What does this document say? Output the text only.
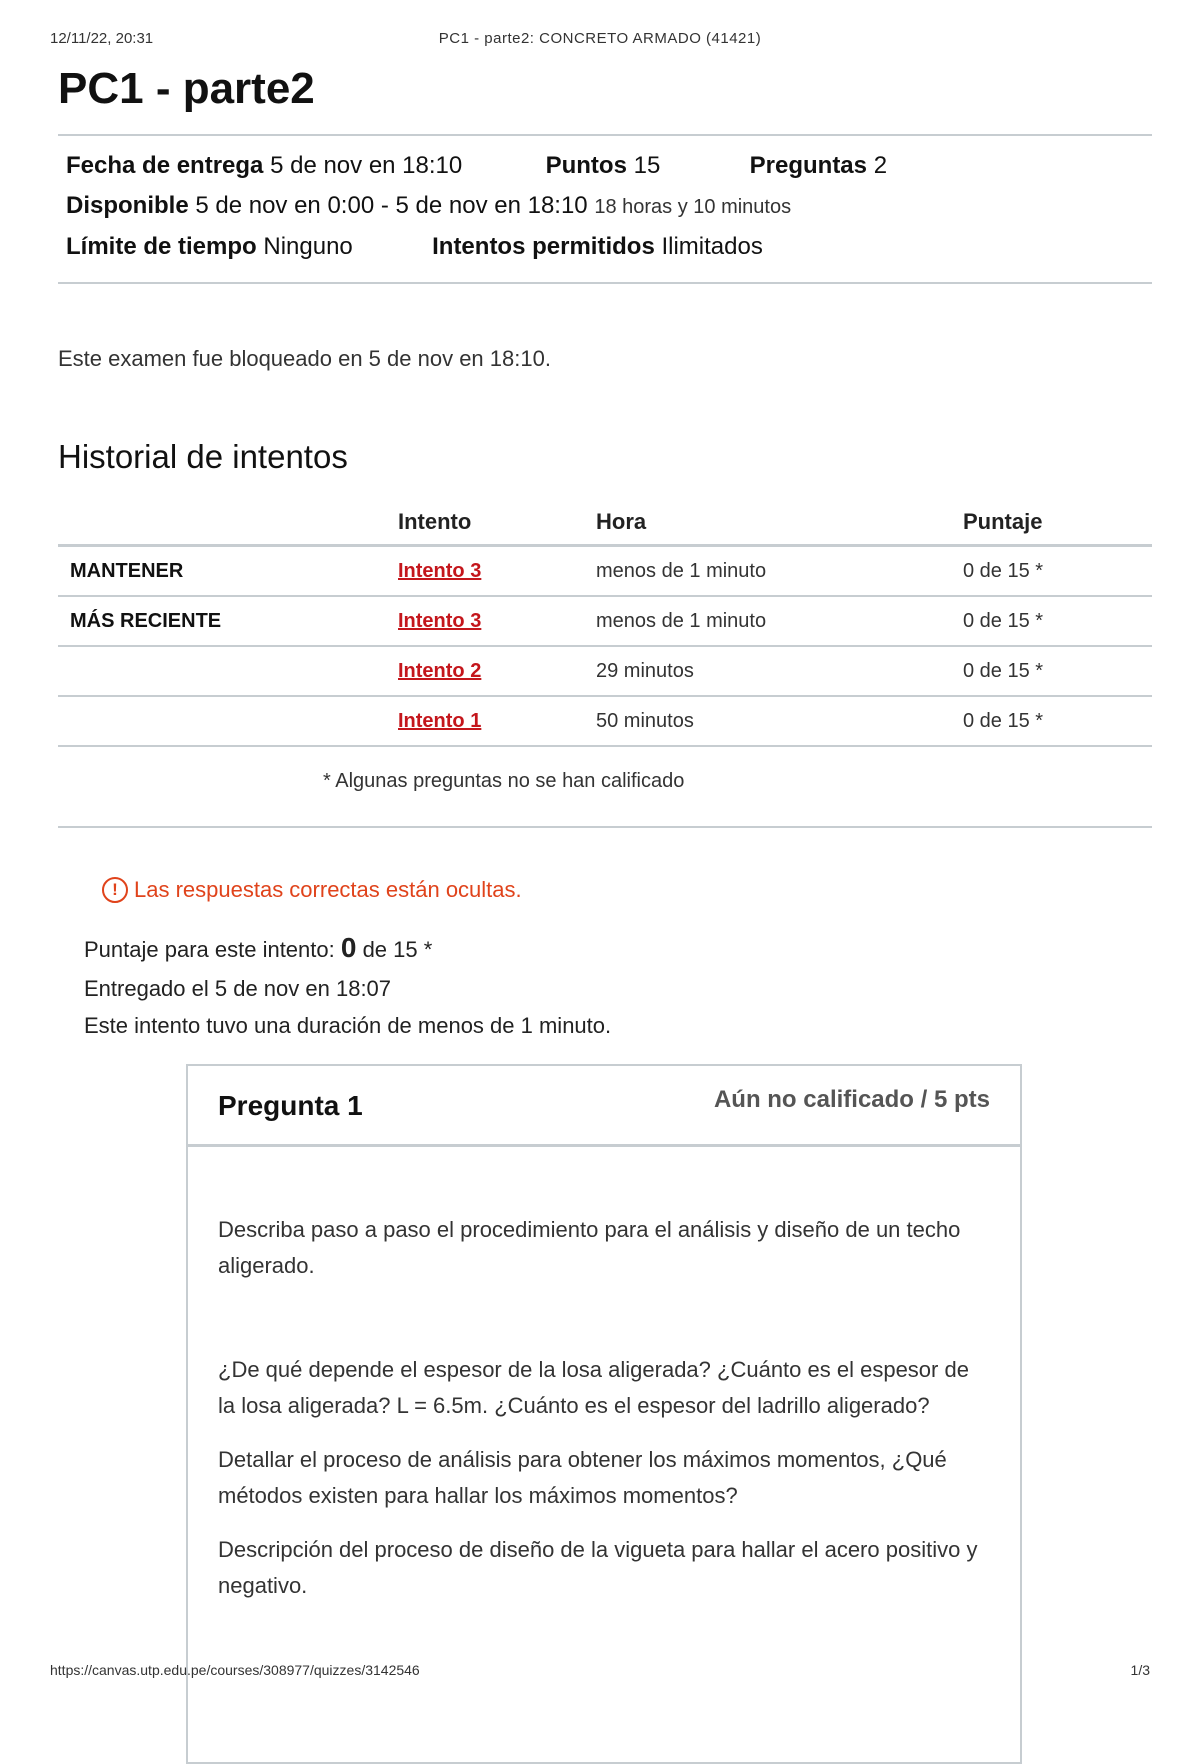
12/11/22, 20:31	PC1 - parte2: CONCRETO ARMADO (41421)
PC1 - parte2
Fecha de entrega 5 de nov en 18:10	Puntos 15	Preguntas 2
Disponible 5 de nov en 0:00 - 5 de nov en 18:10 18 horas y 10 minutos
Límite de tiempo Ninguno	Intentos permitidos Ilimitados
Este examen fue bloqueado en 5 de nov en 18:10.
Historial de intentos
	Intento	Hora	Puntaje
MANTENER	Intento 3	menos de 1 minuto	0 de 15 *
MÁS RECIENTE	Intento 3	menos de 1 minuto	0 de 15 *
	Intento 2	29 minutos	0 de 15 *
	Intento 1	50 minutos	0 de 15 *
* Algunas preguntas no se han calificado
! Las respuestas correctas están ocultas.
Puntaje para este intento: 0 de 15 *
Entregado el 5 de nov en 18:07
Este intento tuvo una duración de menos de 1 minuto.
Pregunta 1	Aún no calificado / 5 pts

Describa paso a paso el procedimiento para el análisis y diseño de un techo aligerado.

¿De qué depende el espesor de la losa aligerada? ¿Cuánto es el espesor de la losa aligerada? L = 6.5m. ¿Cuánto es el espesor del ladrillo aligerado?

Detallar el proceso de análisis para obtener los máximos momentos, ¿Qué métodos existen para hallar los máximos momentos?

Descripción del proceso de diseño de la vigueta para hallar el acero positivo y negativo.

https://canvas.utp.edu.pe/courses/308977/quizzes/3142546	1/3
